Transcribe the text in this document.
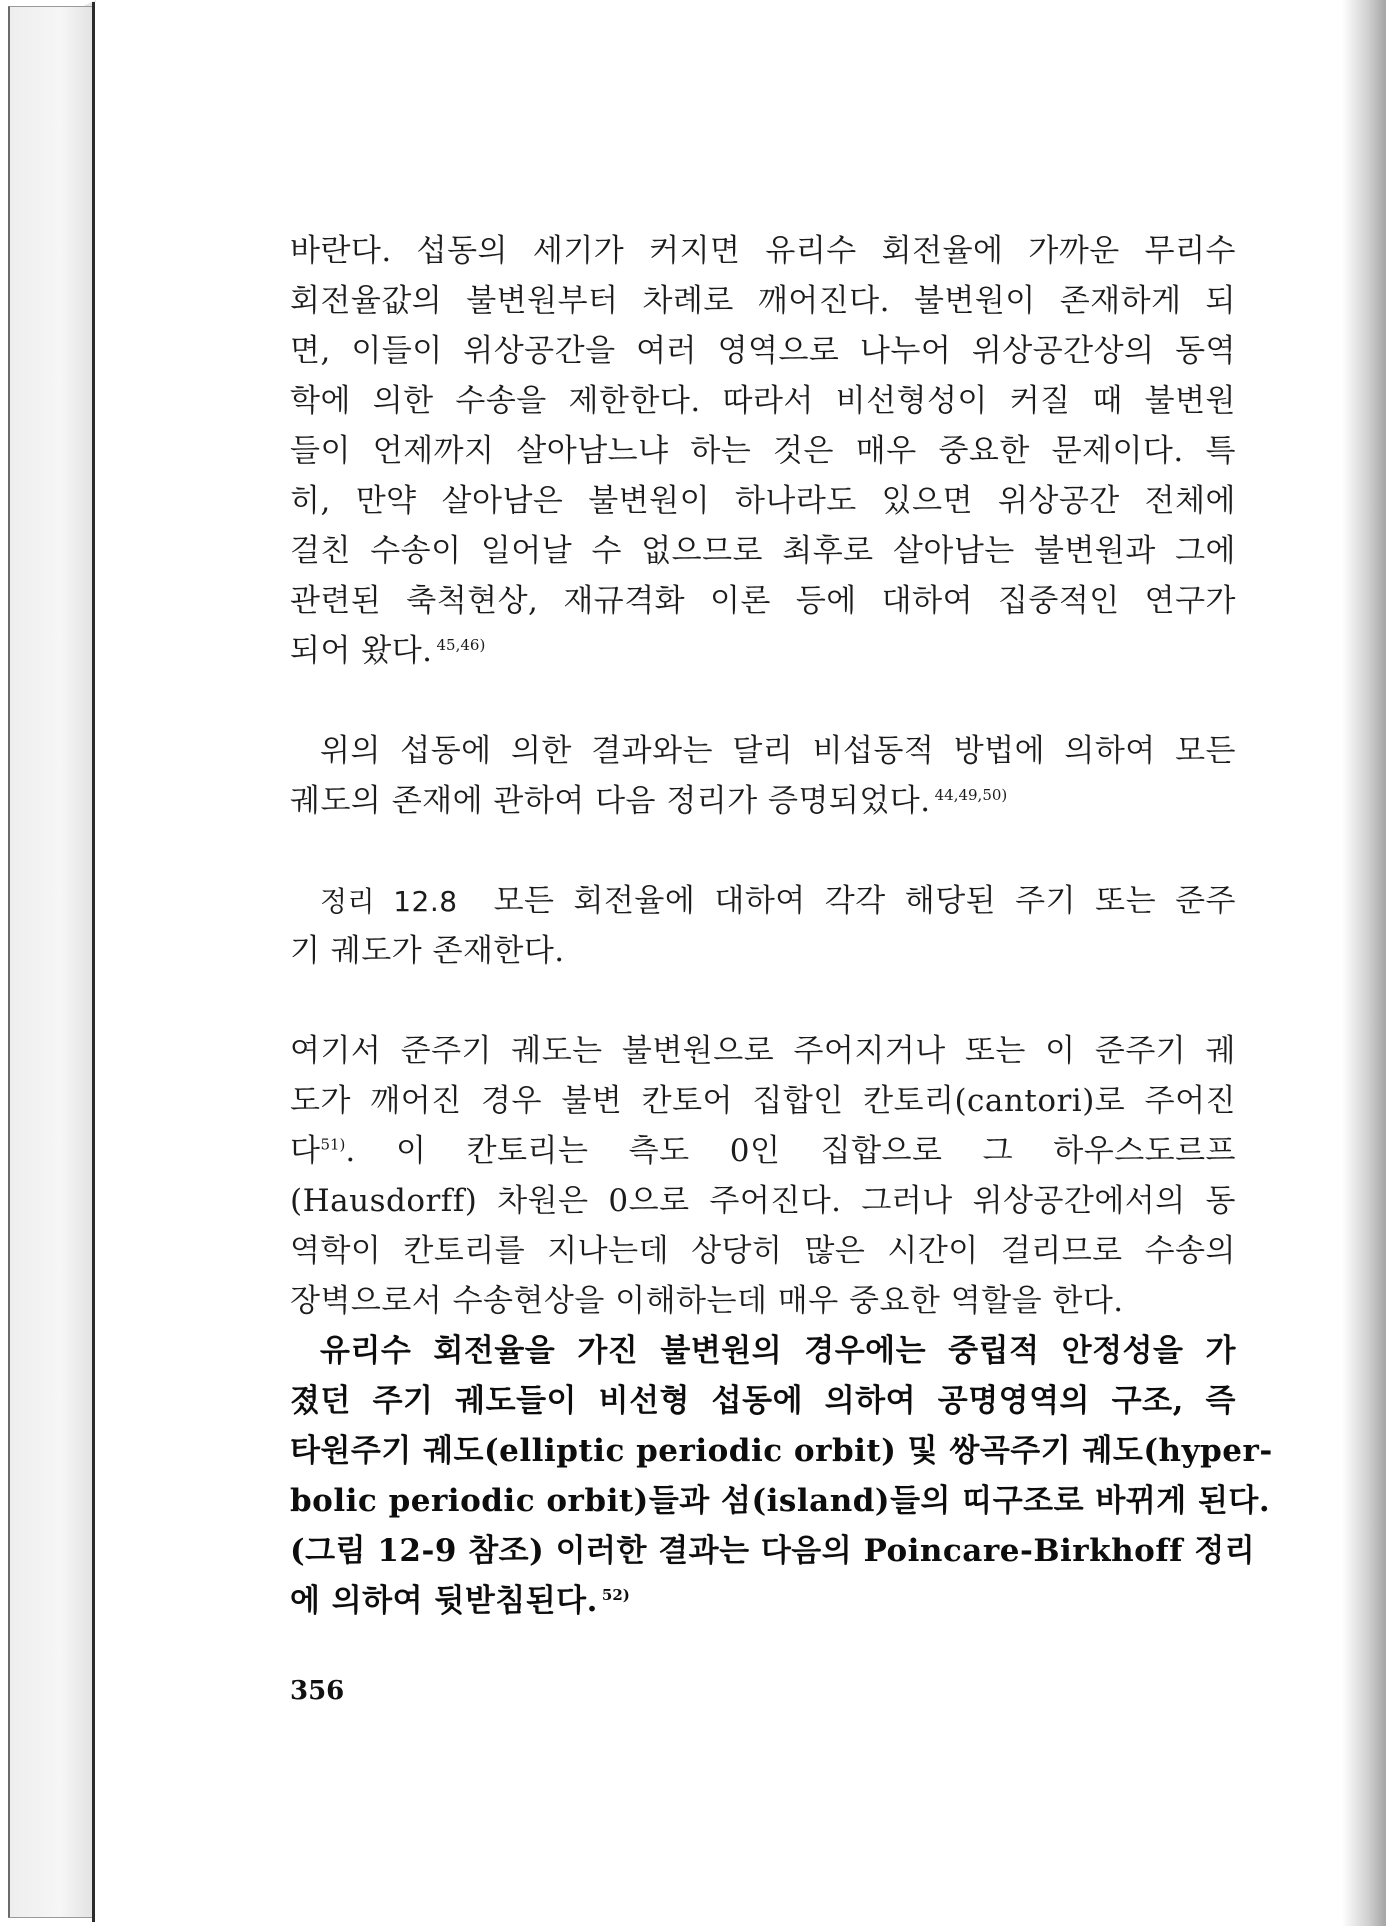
바란다. 섭동의 세기가 커지면 유리수 회전율에 가까운 무리수
회전율값의 불변원부터 차례로 깨어진다. 불변원이 존재하게 되
면, 이들이 위상공간을 여러 영역으로 나누어 위상공간상의 동역
학에 의한 수송을 제한한다. 따라서 비선형성이 커질 때 불변원
들이 언제까지 살아남느냐 하는 것은 매우 중요한 문제이다. 특
히, 만약 살아남은 불변원이 하나라도 있으면 위상공간 전체에
걸친 수송이 일어날 수 없으므로 최후로 살아남는 불변원과 그에
관련된 축척현상, 재규격화 이론 등에 대하여 집중적인 연구가
되어 왔다. $^{45,46)}$
위의 섭동에 의한 결과와는 달리 비섭동적 방법에 의하여 모든
궤도의 존재에 관하여 다음 정리가 증명되었다. $^{44,49,50)}$
정리 12.8 모든 회전율에 대하여 각각 해당된 주기 또는 준주
기 궤도가 존재한다.
여기서 준주기 궤도는 불변원으로 주어지거나 또는 이 준주기 궤
도가 깨어진 경우 불변 칸토어 집합인 칸토리(cantori)로 주어진
다$^{51)}$. 이 칸토리는 측도 0인 집합으로 그 하우스도르프
(Hausdorff) 차원은 0으로 주어진다. 그러나 위상공간에서의 동
역학이 칸토리를 지나는데 상당히 많은 시간이 걸리므로 수송의
장벽으로서 수송현상을 이해하는데 매우 중요한 역할을 한다.
유리수 회전율을 가진 불변원의 경우에는 중립적 안정성을 가
졌던 주기 궤도들이 비선형 섭동에 의하여 공명영역의 구조, 즉
타원주기 궤도(elliptic periodic orbit) 및 쌍곡주기 궤도(hyper-
bolic periodic orbit)들과 섬(island)들의 띠구조로 바뀌게 된다.
(그림 12-9 참조) 이러한 결과는 다음의 Poincare-Birkhoff 정리
에 의하여 뒷받침된다. $^{52)}$
356
